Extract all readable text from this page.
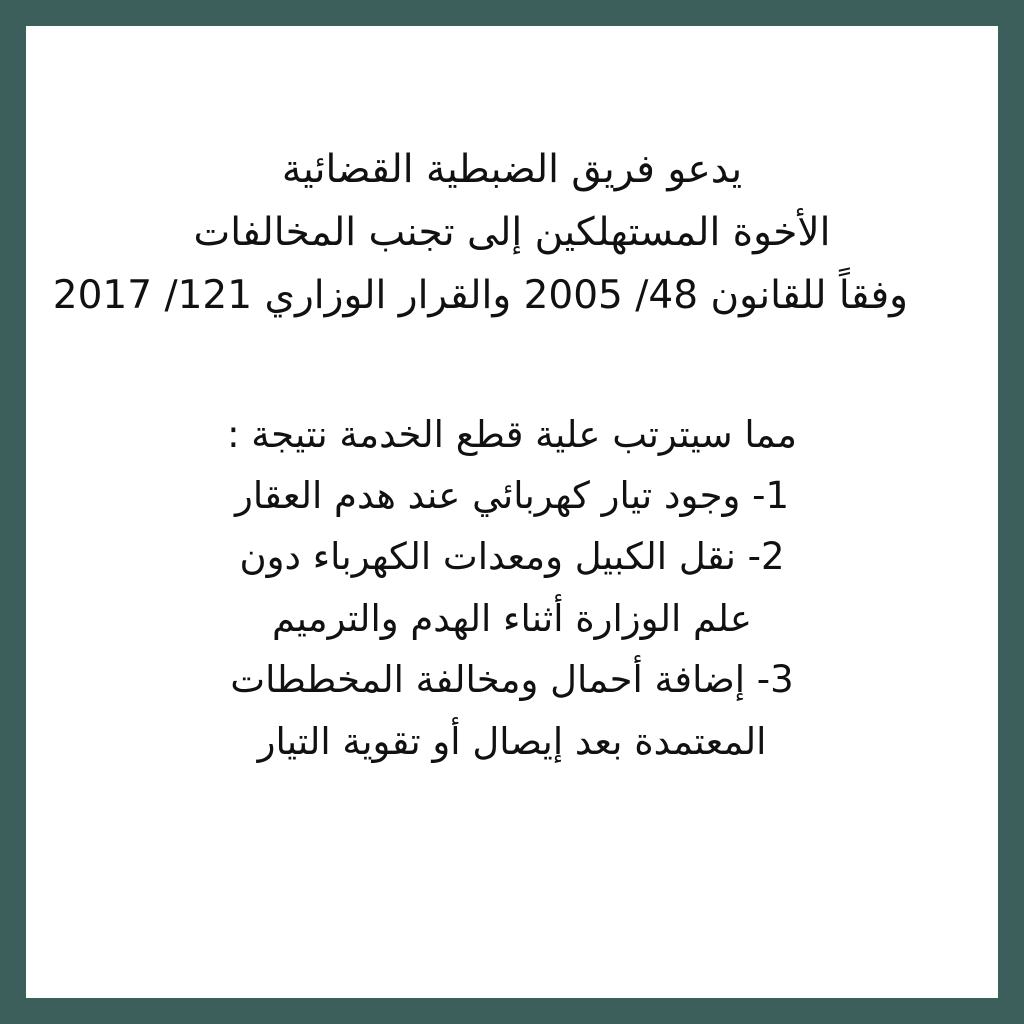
يدعو فريق الضبطية القضائية
الأخوة المستهلكين إلى تجنب المخالفات
وفقاً للقانون 48/ 2005 والقرار الوزاري 121/ 2017
مما سيترتب علية قطع الخدمة نتيجة :
1- وجود تيار كهربائي عند هدم العقار
2- نقل الكبيل ومعدات الكهرباء دون
علم الوزارة أثناء الهدم والترميم
3- إضافة أحمال ومخالفة المخططات
المعتمدة بعد إيصال أو تقوية التيار
